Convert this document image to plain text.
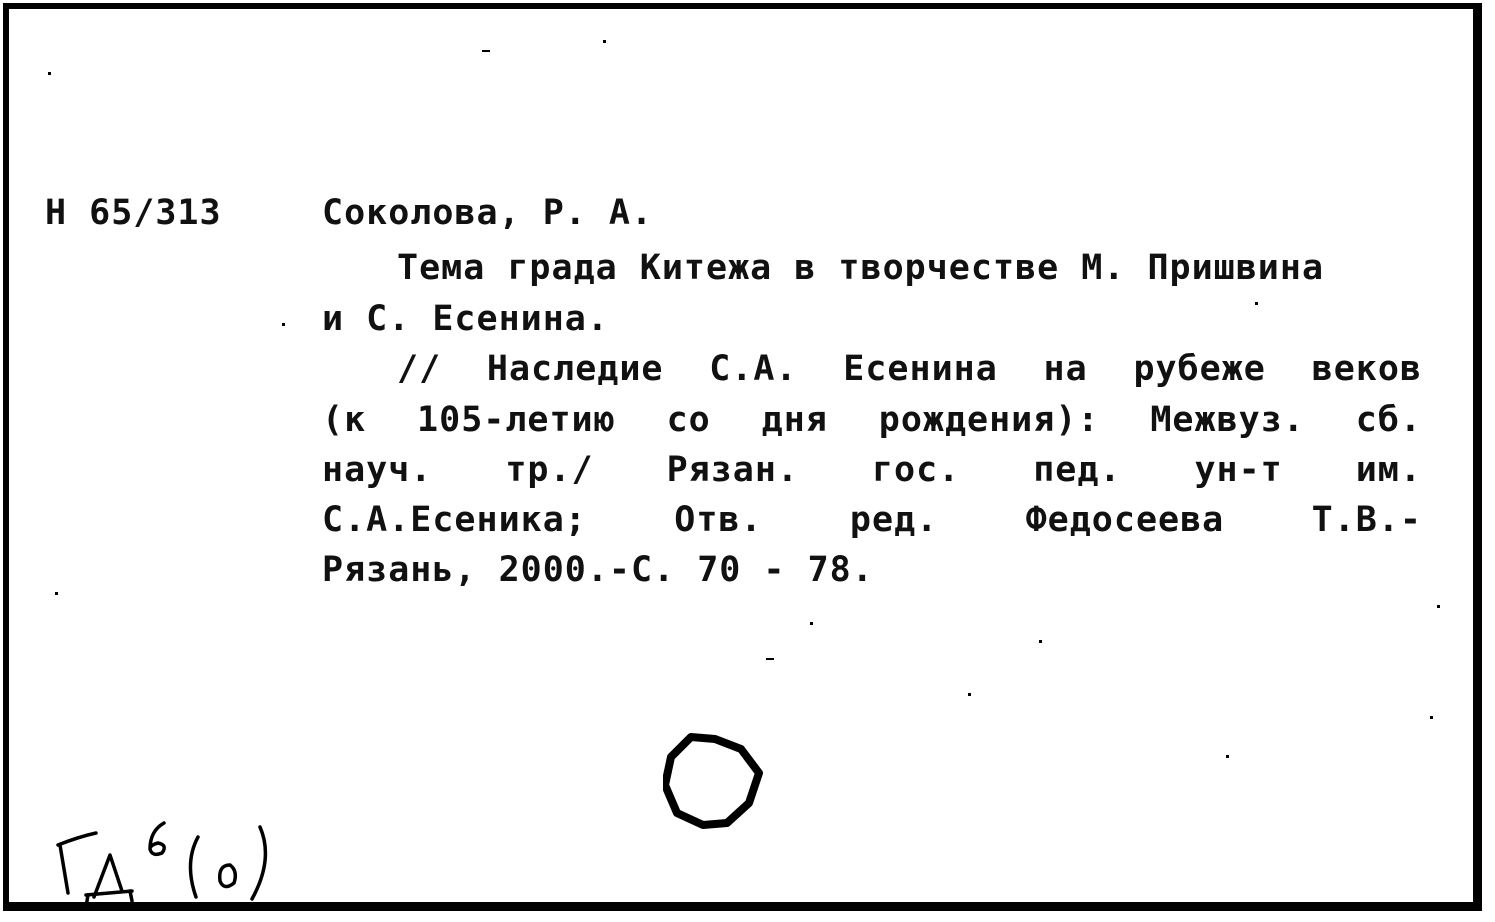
Н 65/313	Соколова, Р. А.
Тема града Китежа в творчестве М. Пришвина
и С. Есенина.
// Наследие С.А. Есенина на рубеже веков
(к 105-летию со дня рождения): Межвуз. сб.
науч. тр./ Рязан. гос. пед. ун-т им.
С.А.Есеника; Отв. ред. Федосеева Т.В.-
Рязань, 2000.-С. 70 - 78.
